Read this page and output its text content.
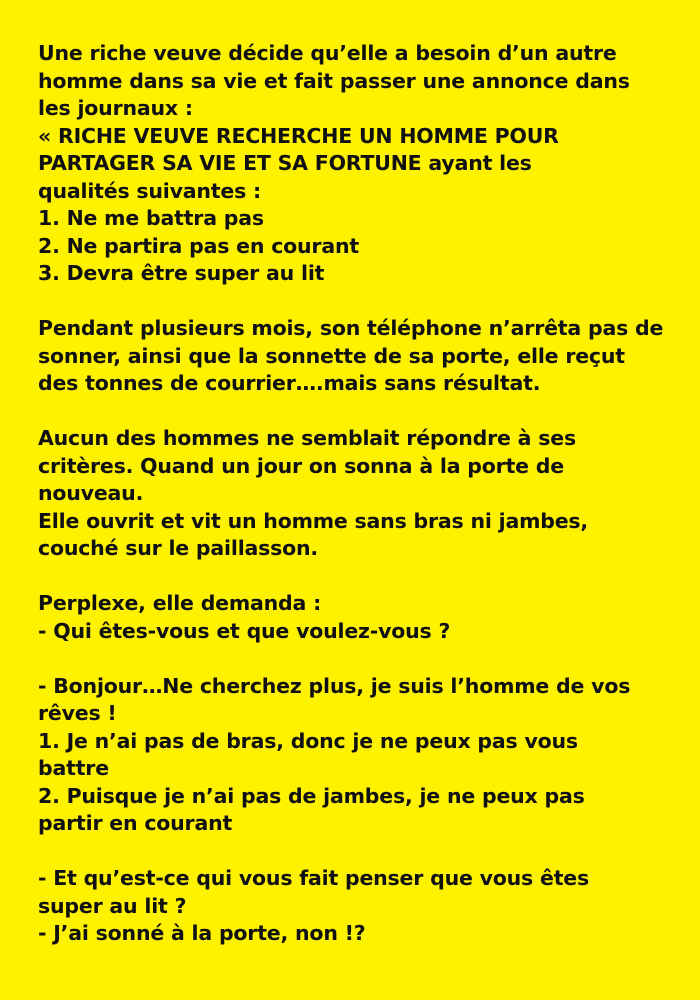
Une riche veuve décide qu’elle a besoin d’un autre
homme dans sa vie et fait passer une annonce dans
les journaux :
« RICHE VEUVE RECHERCHE UN HOMME POUR
PARTAGER SA VIE ET SA FORTUNE ayant les
qualités suivantes :
1. Ne me battra pas
2. Ne partira pas en courant
3. Devra être super au lit
Pendant plusieurs mois, son téléphone n’arrêta pas de
sonner, ainsi que la sonnette de sa porte, elle reçut
des tonnes de courrier….mais sans résultat.
Aucun des hommes ne semblait répondre à ses
critères. Quand un jour on sonna à la porte de
nouveau.
Elle ouvrit et vit un homme sans bras ni jambes,
couché sur le paillasson.
Perplexe, elle demanda :
- Qui êtes-vous et que voulez-vous ?
- Bonjour…Ne cherchez plus, je suis l’homme de vos
rêves !
1. Je n’ai pas de bras, donc je ne peux pas vous
battre
2. Puisque je n’ai pas de jambes, je ne peux pas
partir en courant
- Et qu’est-ce qui vous fait penser que vous êtes
super au lit ?
- J’ai sonné à la porte, non !?
